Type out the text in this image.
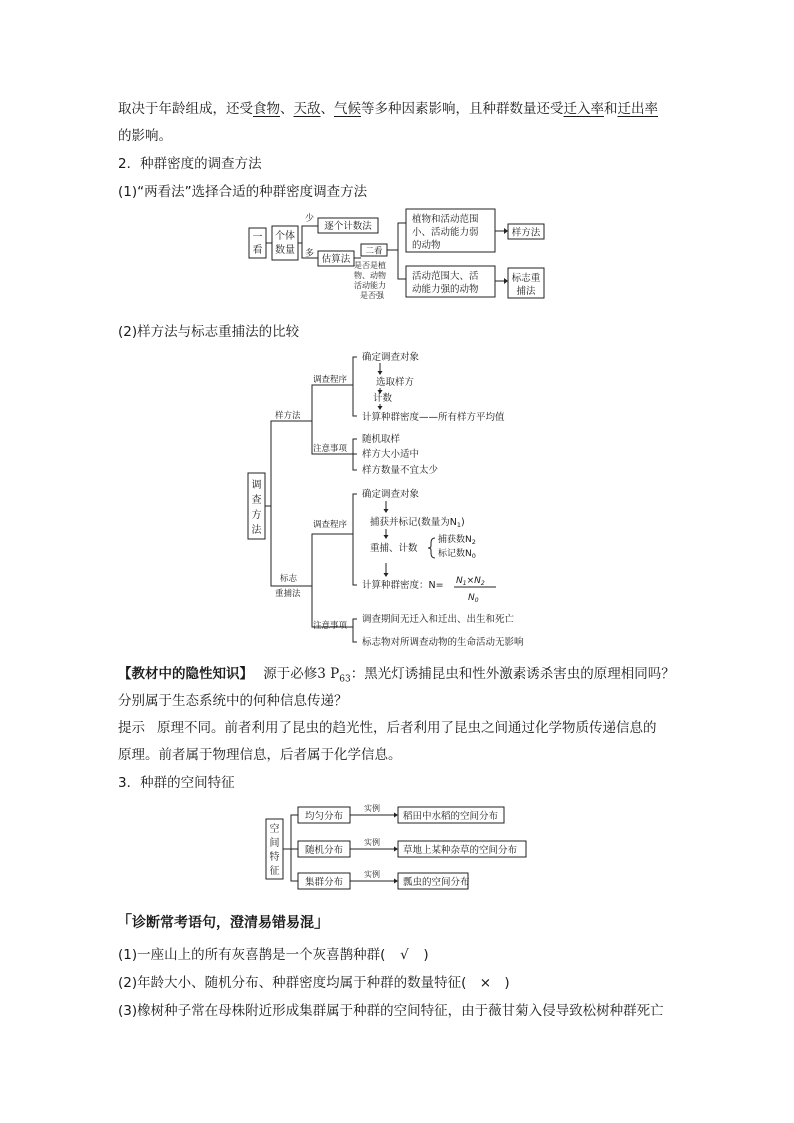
取决于年龄组成，还受食物、天敌、气候等多种因素影响，且种群数量还受迁入率和迁出率
的影响。
2．种群密度的调查方法
(1)“两看法”选择合适的种群密度调查方法
一
看
个体
数量
少
多
逐个计数法
估算法
二看
是否是植
物、动物
活动能力
是否强
植物和活动范围
小、活动能力弱
的动物
活动范围大、活
动能力强的动物
样方法
标志重
捕法
(2)样方法与标志重捕法的比较
调
查
方
法
样方法
标志
重捕法
调查程序
注意事项
确定调查对象
选取样方
计数
计算种群密度——所有样方平均值
随机取样
样方大小适中
样方数量不宜太少
调查程序
注意事项
确定调查对象
捕获并标记(数量为$N_1$)
重捕、计数
捕获数$N_2$
标记数$N_0$
计算种群密度：$N= N_1\times N_2$
$N_0$
调查期间无迁入和迁出、出生和死亡
标志物对所调查动物的生命活动无影响
【教材中的隐性知识】 源于必修3 $P_{63}$：黑光灯诱捕昆虫和性外激素诱杀害虫的原理相同吗？
分别属于生态系统中的何种信息传递？
提示 原理不同。前者利用了昆虫的趋光性，后者利用了昆虫之间通过化学物质传递信息的
原理。前者属于物理信息，后者属于化学信息。
3．种群的空间特征
空
间
特
征
均匀分布
实例
稻田中水稻的空间分布
随机分布
实例
草地上某种杂草的空间分布
集群分布
实例
瓢虫的空间分布
「诊断常考语句，澄清易错易混」
(1)一座山上的所有灰喜鹊是一个灰喜鹊种群( √ )
(2)年龄大小、随机分布、种群密度均属于种群的数量特征( × )
(3)橡树种子常在母株附近形成集群属于种群的空间特征，由于薇甘菊入侵导致松树种群死亡
